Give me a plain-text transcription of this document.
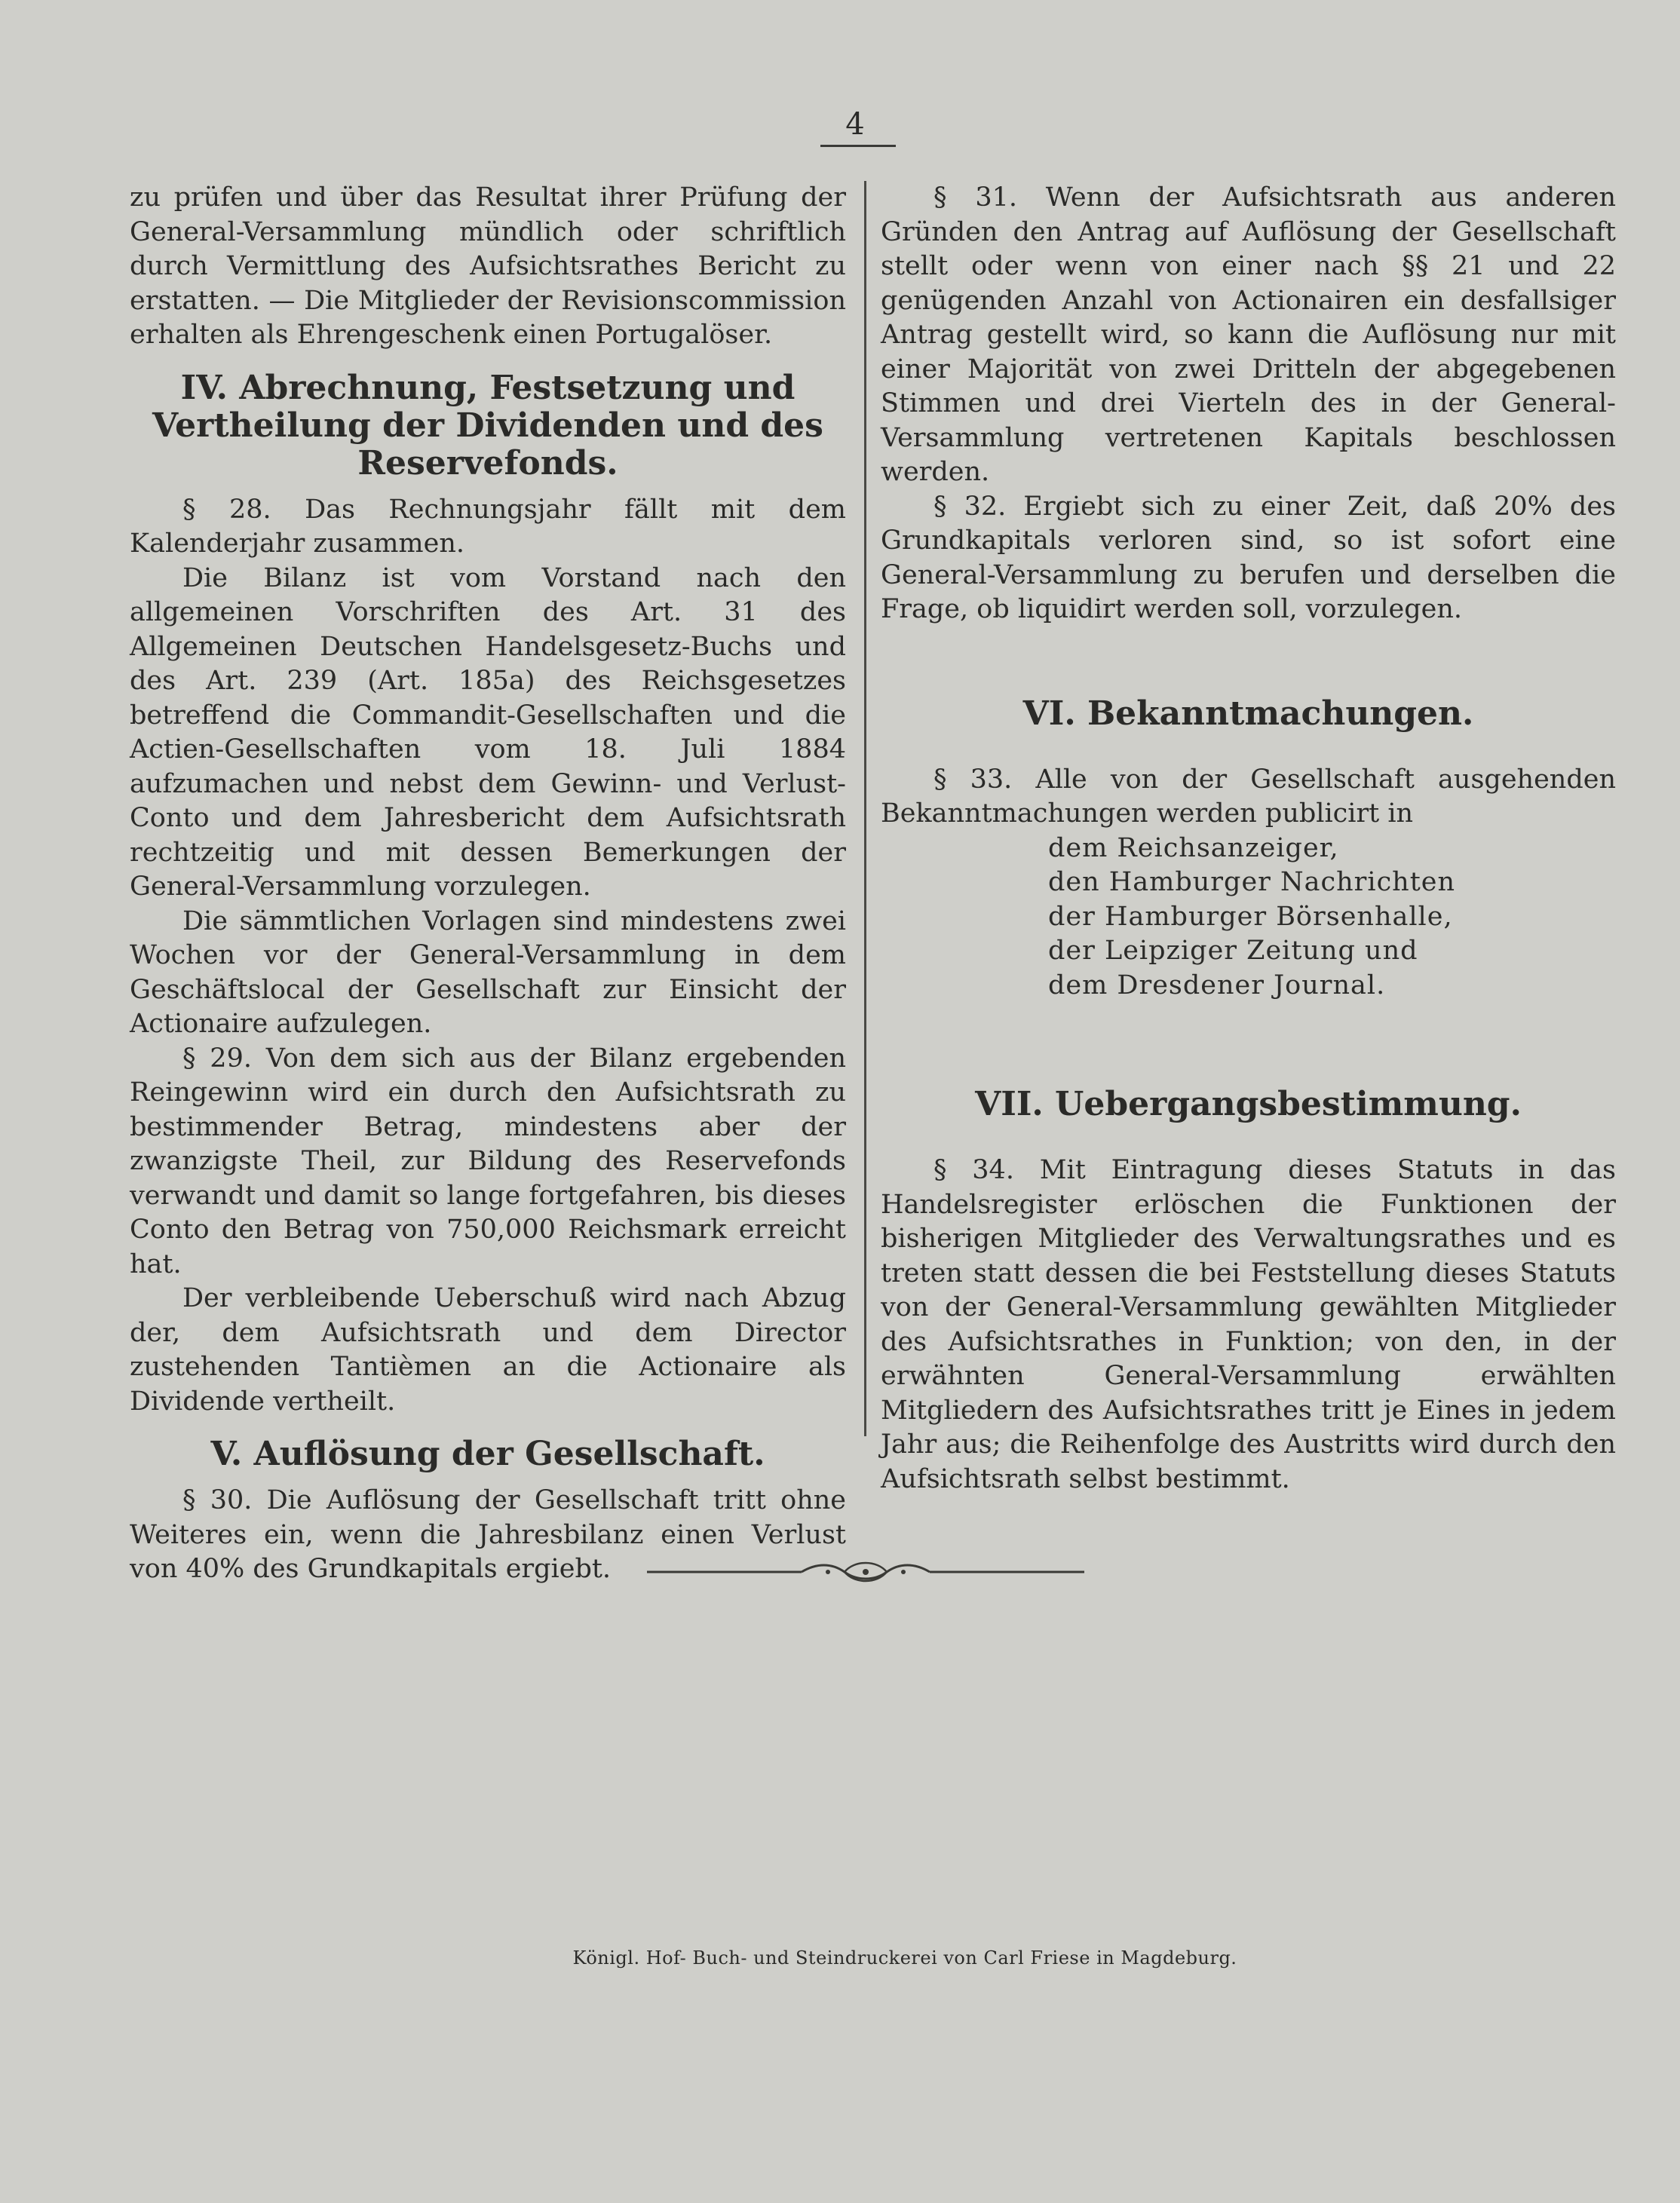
4

zu prüfen und über das Resultat ihrer Prüfung der General-Versammlung mündlich oder schriftlich durch Vermittlung des Aufsichtsrathes Bericht zu erstatten. — Die Mitglieder der Revisionscommission erhalten als Ehrengeschenk einen Portugalöser.

IV. Abrechnung, Festsetzung und Vertheilung der Dividenden und des Reservefonds.

§ 28. Das Rechnungsjahr fällt mit dem Kalenderjahr zusammen.

Die Bilanz ist vom Vorstand nach den allgemeinen Vorschriften des Art. 31 des Allgemeinen Deutschen Handelsgesetz-Buchs und des Art. 239 (Art. 185a) des Reichsgesetzes betreffend die Commandit-Gesellschaften und die Actien-Gesellschaften vom 18. Juli 1884 aufzumachen und nebst dem Gewinn- und Verlust-Conto und dem Jahresbericht dem Aufsichtsrath rechtzeitig und mit dessen Bemerkungen der General-Versammlung vorzulegen.

Die sämmtlichen Vorlagen sind mindestens zwei Wochen vor der General-Versammlung in dem Geschäftslocal der Gesellschaft zur Einsicht der Actionaire aufzulegen.

§ 29. Von dem sich aus der Bilanz ergebenden Reingewinn wird ein durch den Aufsichtsrath zu bestimmender Betrag, mindestens aber der zwanzigste Theil, zur Bildung des Reservefonds verwandt und damit so lange fortgefahren, bis dieses Conto den Betrag von 750,000 Reichsmark erreicht hat.

Der verbleibende Ueberschuß wird nach Abzug der, dem Aufsichtsrath und dem Director zustehenden Tantièmen an die Actionaire als Dividende vertheilt.

V. Auflösung der Gesellschaft.

§ 30. Die Auflösung der Gesellschaft tritt ohne Weiteres ein, wenn die Jahresbilanz einen Verlust von 40% des Grundkapitals ergiebt.

§ 31. Wenn der Aufsichtsrath aus anderen Gründen den Antrag auf Auflösung der Gesellschaft stellt oder wenn von einer nach §§ 21 und 22 genügenden Anzahl von Actionairen ein desfallsiger Antrag gestellt wird, so kann die Auflösung nur mit einer Majorität von zwei Dritteln der abgegebenen Stimmen und drei Vierteln des in der General-Versammlung vertretenen Kapitals beschlossen werden.

§ 32. Ergiebt sich zu einer Zeit, daß 20% des Grundkapitals verloren sind, so ist sofort eine General-Versammlung zu berufen und derselben die Frage, ob liquidirt werden soll, vorzulegen.

VI. Bekanntmachungen.

§ 33. Alle von der Gesellschaft ausgehenden Bekanntmachungen werden publicirt in

dem Reichsanzeiger,
den Hamburger Nachrichten
der Hamburger Börsenhalle,
der Leipziger Zeitung und
dem Dresdener Journal.
VII. Uebergangsbestimmung.

§ 34. Mit Eintragung dieses Statuts in das Handelsregister erlöschen die Funktionen der bisherigen Mitglieder des Verwaltungsrathes und es treten statt dessen die bei Feststellung dieses Statuts von der General-Versammlung gewählten Mitglieder des Aufsichtsrathes in Funktion; von den, in der erwähnten General-Versammlung erwählten Mitgliedern des Aufsichtsrathes tritt je Eines in jedem Jahr aus; die Reihenfolge des Austritts wird durch den Aufsichtsrath selbst bestimmt.

Königl. Hof- Buch- und Steindruckerei von Carl Friese in Magdeburg.
